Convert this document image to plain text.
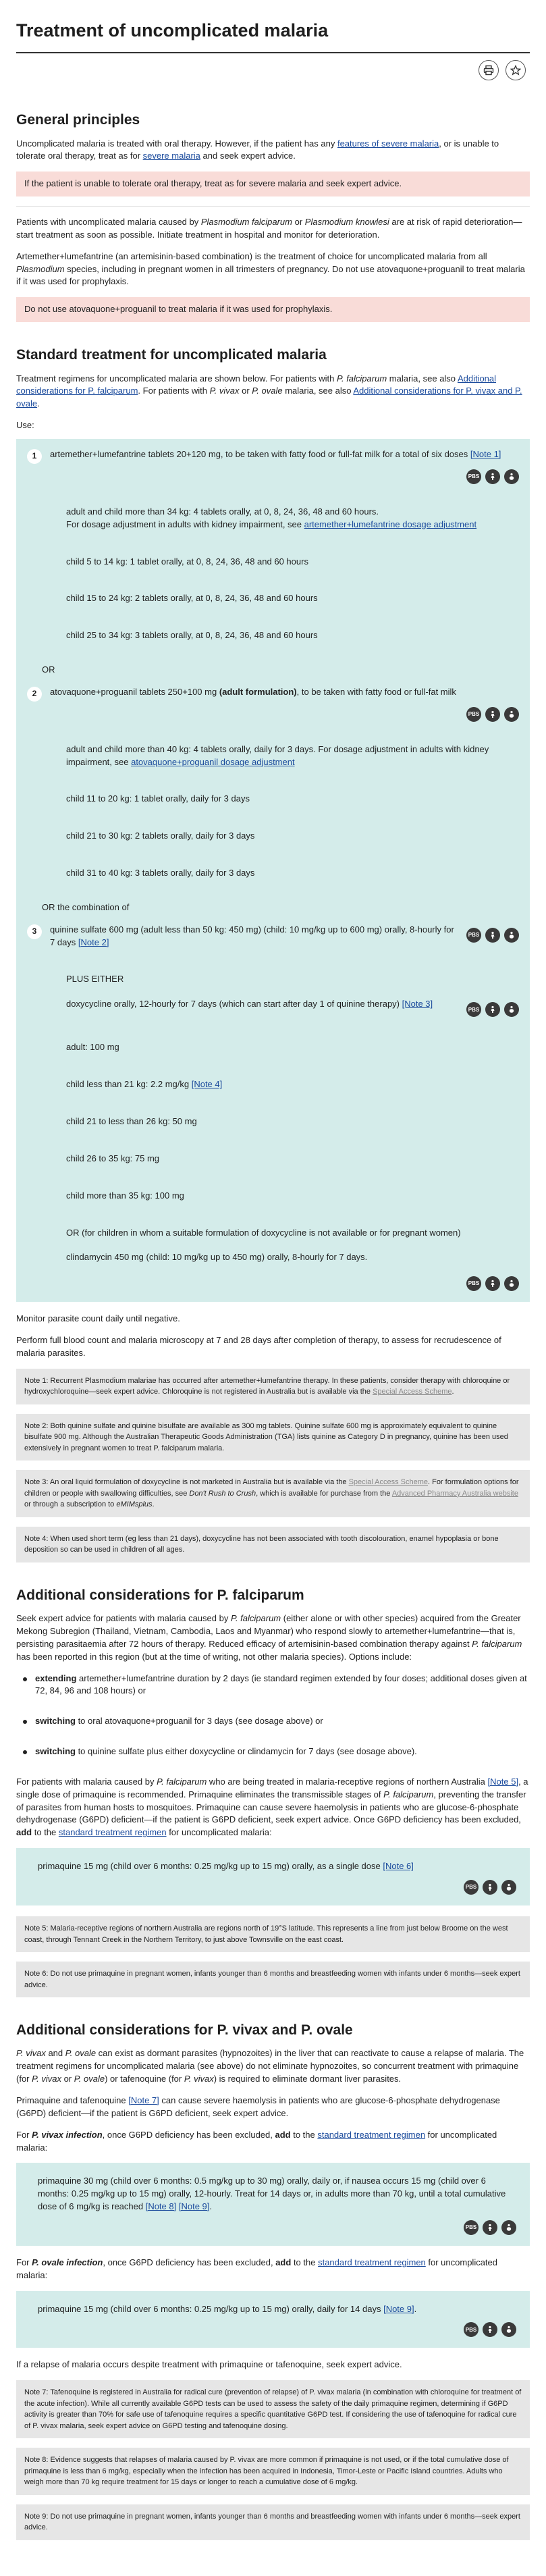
Treatment of uncomplicated malaria
General principles

Uncomplicated malaria is treated with oral therapy. However, if the patient has any features of severe malaria, or is unable to tolerate oral therapy, treat as for severe malaria and seek expert advice.

If the patient is unable to tolerate oral therapy, treat as for severe malaria and seek expert advice.

Patients with uncomplicated malaria caused by Plasmodium falciparum or Plasmodium knowlesi are at risk of rapid deterioration—start treatment as soon as possible. Initiate treatment in hospital and monitor for deterioration.

Artemether+lumefantrine (an artemisinin-based combination) is the treatment of choice for uncomplicated malaria from all Plasmodium species, including in pregnant women in all trimesters of pregnancy. Do not use atovaquone+proguanil to treat malaria if it was used for prophylaxis.

Do not use atovaquone+proguanil to treat malaria if it was used for prophylaxis.
Standard treatment for uncomplicated malaria

Treatment regimens for uncomplicated malaria are shown below. For patients with P. falciparum malaria, see also Additional considerations for P. falciparum. For patients with P. vivax or P. ovale malaria, see also Additional considerations for P. vivax and P. ovale.

Use:

1	artemether+lumefantrine tablets 20+120 mg, to be taken with fatty food or full-fat milk for a total of six doses [Note 1]
PBS
adult and child more than 34 kg: 4 tablets orally, at 0, 8, 24, 36, 48 and 60 hours.
For dosage adjustment in adults with kidney impairment, see artemether+lumefantrine dosage adjustment
child 5 to 14 kg: 1 tablet orally, at 0, 8, 24, 36, 48 and 60 hours
child 15 to 24 kg: 2 tablets orally, at 0, 8, 24, 36, 48 and 60 hours
child 25 to 34 kg: 3 tablets orally, at 0, 8, 24, 36, 48 and 60 hours
OR
2	atovaquone+proguanil tablets 250+100 mg (adult formulation), to be taken with fatty food or full-fat milk
PBS
adult and child more than 40 kg: 4 tablets orally, daily for 3 days. For dosage adjustment in adults with kidney impairment, see atovaquone+proguanil dosage adjustment
child 11 to 20 kg: 1 tablet orally, daily for 3 days
child 21 to 30 kg: 2 tablets orally, daily for 3 days
child 31 to 40 kg: 3 tablets orally, daily for 3 days
OR the combination of
3	quinine sulfate 600 mg (adult less than 50 kg: 450 mg) (child: 10 mg/kg up to 600 mg) orally, 8-hourly for 7 days [Note 2]
PBS
PLUS EITHER
doxycycline orally, 12-hourly for 7 days (which can start after day 1 of quinine therapy) [Note 3]
PBS
adult: 100 mg
child less than 21 kg: 2.2 mg/kg [Note 4]
child 21 to less than 26 kg: 50 mg
child 26 to 35 kg: 75 mg
child more than 35 kg: 100 mg
OR (for children in whom a suitable formulation of doxycycline is not available or for pregnant women)
clindamycin 450 mg (child: 10 mg/kg up to 450 mg) orally, 8-hourly for 7 days.
PBS

Monitor parasite count daily until negative.

Perform full blood count and malaria microscopy at 7 and 28 days after completion of therapy, to assess for recrudescence of malaria parasites.

Note 1: Recurrent Plasmodium malariae has occurred after artemether+lumefantrine therapy. In these patients, consider therapy with chloroquine or hydroxychloroquine—seek expert advice. Chloroquine is not registered in Australia but is available via the Special Access Scheme.
Note 2: Both quinine sulfate and quinine bisulfate are available as 300 mg tablets. Quinine sulfate 600 mg is approximately equivalent to quinine bisulfate 900 mg. Although the Australian Therapeutic Goods Administration (TGA) lists quinine as Category D in pregnancy, quinine has been used extensively in pregnant women to treat P. falciparum malaria.
Note 3: An oral liquid formulation of doxycycline is not marketed in Australia but is available via the Special Access Scheme. For formulation options for children or people with swallowing difficulties, see Don't Rush to Crush, which is available for purchase from the Advanced Pharmacy Australia website or through a subscription to eMIMsplus.
Note 4: When used short term (eg less than 21 days), doxycycline has not been associated with tooth discolouration, enamel hypoplasia or bone deposition so can be used in children of all ages.
Additional considerations for P. falciparum

Seek expert advice for patients with malaria caused by P. falciparum (either alone or with other species) acquired from the Greater Mekong Subregion (Thailand, Vietnam, Cambodia, Laos and Myanmar) who respond slowly to artemether+lumefantrine—that is, persisting parasitaemia after 72 hours of therapy. Reduced efficacy of artemisinin-based combination therapy against P. falciparum has been reported in this region (but at the time of writing, not other malaria species). Options include:

extending artemether+lumefantrine duration by 2 days (ie standard regimen extended by four doses; additional doses given at 72, 84, 96 and 108 hours) or
switching to oral atovaquone+proguanil for 3 days (see dosage above) or
switching to quinine sulfate plus either doxycycline or clindamycin for 7 days (see dosage above).

For patients with malaria caused by P. falciparum who are being treated in malaria-receptive regions of northern Australia [Note 5], a single dose of primaquine is recommended. Primaquine eliminates the transmissible stages of P. falciparum, preventing the transfer of parasites from human hosts to mosquitoes. Primaquine can cause severe haemolysis in patients who are glucose-6-phosphate dehydrogenase (G6PD) deficient—if the patient is G6PD deficient, seek expert advice. Once G6PD deficiency has been excluded, add to the standard treatment regimen for uncomplicated malaria:

primaquine 15 mg (child over 6 months: 0.25 mg/kg up to 15 mg) orally, as a single dose [Note 6]
PBS
Note 5: Malaria-receptive regions of northern Australia are regions north of 19°S latitude. This represents a line from just below Broome on the west coast, through Tennant Creek in the Northern Territory, to just above Townsville on the east coast.
Note 6: Do not use primaquine in pregnant women, infants younger than 6 months and breastfeeding women with infants under 6 months—seek expert advice.
Additional considerations for P. vivax and P. ovale

P. vivax and P. ovale can exist as dormant parasites (hypnozoites) in the liver that can reactivate to cause a relapse of malaria. The treatment regimens for uncomplicated malaria (see above) do not eliminate hypnozoites, so concurrent treatment with primaquine (for P. vivax or P. ovale) or tafenoquine (for P. vivax) is required to eliminate dormant liver parasites.

Primaquine and tafenoquine [Note 7] can cause severe haemolysis in patients who are glucose-6-phosphate dehydrogenase (G6PD) deficient—if the patient is G6PD deficient, seek expert advice.

For P. vivax infection, once G6PD deficiency has been excluded, add to the standard treatment regimen for uncomplicated malaria:

primaquine 30 mg (child over 6 months: 0.5 mg/kg up to 30 mg) orally, daily or, if nausea occurs 15 mg (child over 6 months: 0.25 mg/kg up to 15 mg) orally, 12-hourly. Treat for 14 days or, in adults more than 70 kg, until a total cumulative dose of 6 mg/kg is reached [Note 8] [Note 9].
PBS

For P. ovale infection, once G6PD deficiency has been excluded, add to the standard treatment regimen for uncomplicated malaria:

primaquine 15 mg (child over 6 months: 0.25 mg/kg up to 15 mg) orally, daily for 14 days [Note 9].
PBS

If a relapse of malaria occurs despite treatment with primaquine or tafenoquine, seek expert advice.

Note 7: Tafenoquine is registered in Australia for radical cure (prevention of relapse) of P. vivax malaria (in combination with chloroquine for treatment of the acute infection). While all currently available G6PD tests can be used to assess the safety of the daily primaquine regimen, determining if G6PD activity is greater than 70% for safe use of tafenoquine requires a specific quantitative G6PD test. If considering the use of tafenoquine for radical cure of P. vivax malaria, seek expert advice on G6PD testing and tafenoquine dosing.
Note 8: Evidence suggests that relapses of malaria caused by P. vivax are more common if primaquine is not used, or if the total cumulative dose of primaquine is less than 6 mg/kg, especially when the infection has been acquired in Indonesia, Timor-Leste or Pacific Island countries. Adults who weigh more than 70 kg require treatment for 15 days or longer to reach a cumulative dose of 6 mg/kg.
Note 9: Do not use primaquine in pregnant women, infants younger than 6 months and breastfeeding women with infants under 6 months—seek expert advice.
